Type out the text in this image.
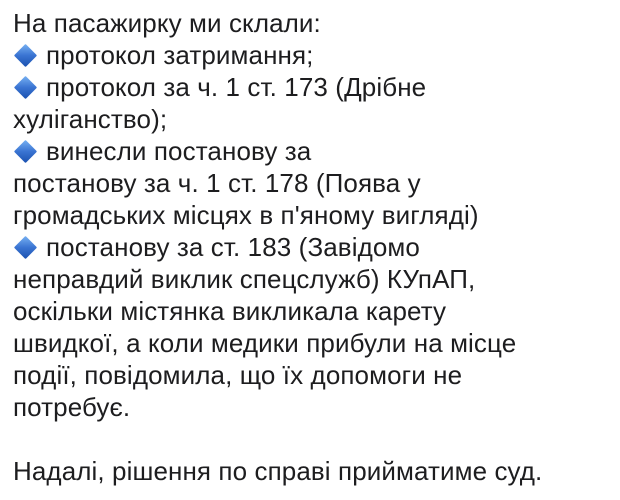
На пасажирку ми склали:
протокол затримання;
протокол за ч. 1 ст. 173 (Дрібне
хуліганство);
винесли постанову за
постанову за ч. 1 ст. 178 (Поява у
громадських місцях в п'яному вигляді)
постанову за ст. 183 (Завідомо
неправдий виклик спецслужб) КУпАП,
оскільки містянка викликала карету
швидкої, а коли медики прибули на місце
події, повідомила, що їх допомоги не
потребує.
Надалі, рішення по справі прийматиме суд.
